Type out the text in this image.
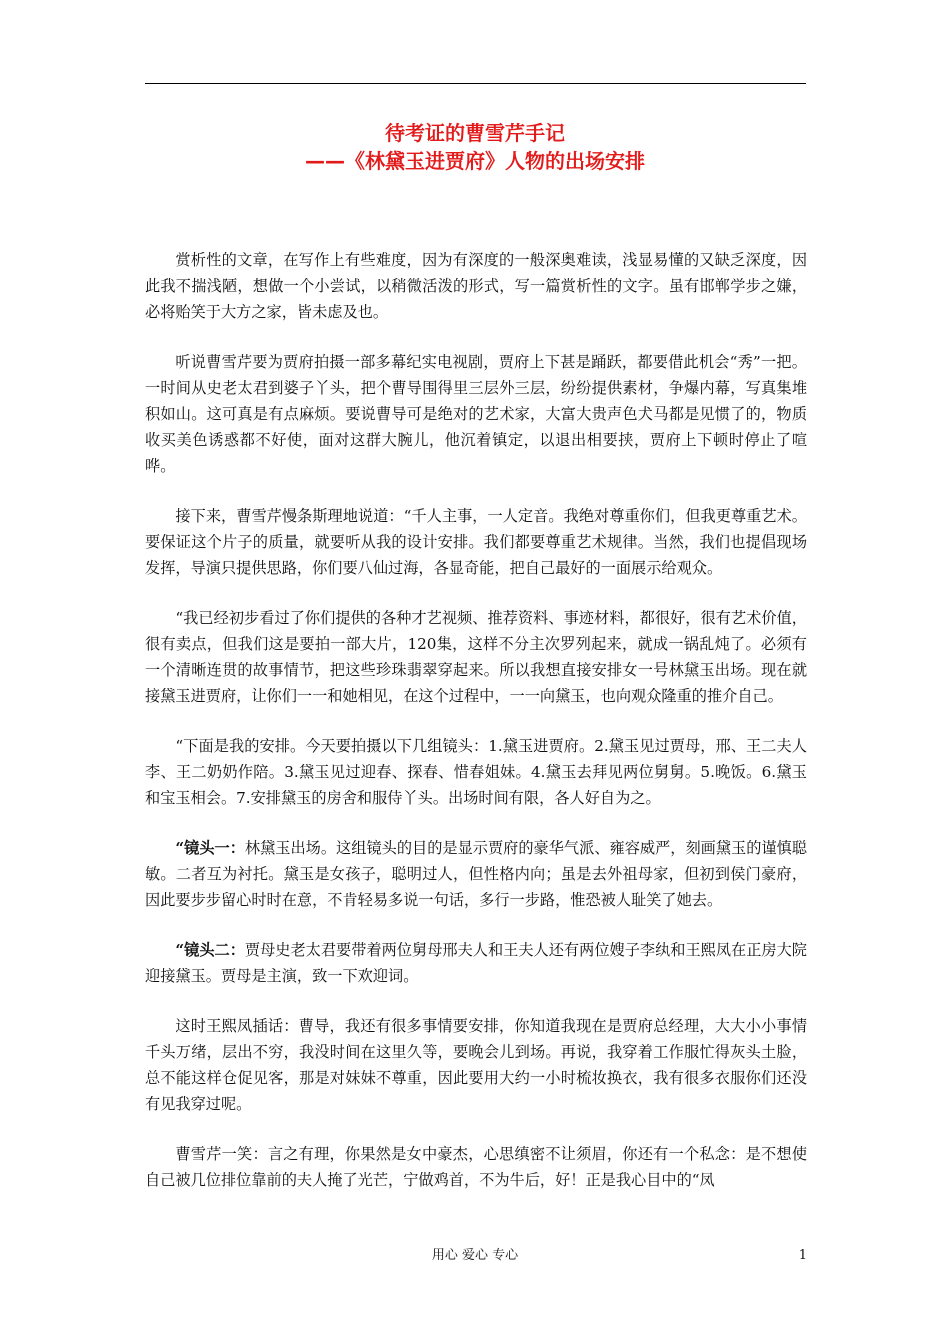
待考证的曹雪芹手记
——《林黛玉进贾府》人物的出场安排

赏析性的文章，在写作上有些难度，因为有深度的一般深奥难读，浅显易懂的又缺乏深度，因此我不揣浅陋，想做一个小尝试，以稍微活泼的形式，写一篇赏析性的文字。虽有邯郸学步之嫌，必将贻笑于大方之家，皆未虑及也。

听说曹雪芹要为贾府拍摄一部多幕纪实电视剧，贾府上下甚是踊跃，都要借此机会“秀”一把。一时间从史老太君到婆子丫头，把个曹导围得里三层外三层，纷纷提供素材，争爆内幕，写真集堆积如山。这可真是有点麻烦。要说曹导可是绝对的艺术家，大富大贵声色犬马都是见惯了的，物质收买美色诱惑都不好使，面对这群大腕儿，他沉着镇定，以退出相要挟，贾府上下顿时停止了喧哗。

接下来，曹雪芹慢条斯理地说道：“千人主事，一人定音。我绝对尊重你们，但我更尊重艺术。要保证这个片子的质量，就要听从我的设计安排。我们都要尊重艺术规律。当然，我们也提倡现场发挥，导演只提供思路，你们要八仙过海，各显奇能，把自己最好的一面展示给观众。

“我已经初步看过了你们提供的各种才艺视频、推荐资料、事迹材料，都很好，很有艺术价值，很有卖点，但我们这是要拍一部大片，120集，这样不分主次罗列起来，就成一锅乱炖了。必须有一个清晰连贯的故事情节，把这些珍珠翡翠穿起来。所以我想直接安排女一号林黛玉出场。现在就接黛玉进贾府，让你们一一和她相见，在这个过程中，一一向黛玉，也向观众隆重的推介自己。

“下面是我的安排。今天要拍摄以下几组镜头：1.黛玉进贾府。2.黛玉见过贾母，邢、王二夫人李、王二奶奶作陪。3.黛玉见过迎春、探春、惜春姐妹。4.黛玉去拜见两位舅舅。5.晚饭。6.黛玉和宝玉相会。7.安排黛玉的房舍和服侍丫头。出场时间有限，各人好自为之。

“镜头一：林黛玉出场。这组镜头的目的是显示贾府的豪华气派、雍容威严，刻画黛玉的谨慎聪敏。二者互为衬托。黛玉是女孩子，聪明过人，但性格内向；虽是去外祖母家，但初到侯门豪府，因此要步步留心时时在意，不肯轻易多说一句话，多行一步路，惟恐被人耻笑了她去。

“镜头二：贾母史老太君要带着两位舅母邢夫人和王夫人还有两位嫂子李纨和王熙凤在正房大院迎接黛玉。贾母是主演，致一下欢迎词。

这时王熙凤插话：曹导，我还有很多事情要安排，你知道我现在是贾府总经理，大大小小事情千头万绪，层出不穷，我没时间在这里久等，要晚会儿到场。再说，我穿着工作服忙得灰头土脸，总不能这样仓促见客，那是对妹妹不尊重，因此要用大约一小时梳妆换衣，我有很多衣服你们还没有见我穿过呢。

曹雪芹一笑：言之有理，你果然是女中豪杰，心思缜密不让须眉，你还有一个私念：是不想使自己被几位排位靠前的夫人掩了光芒，宁做鸡首，不为牛后，好！正是我心目中的“凤

用心 爱心 专心	1
